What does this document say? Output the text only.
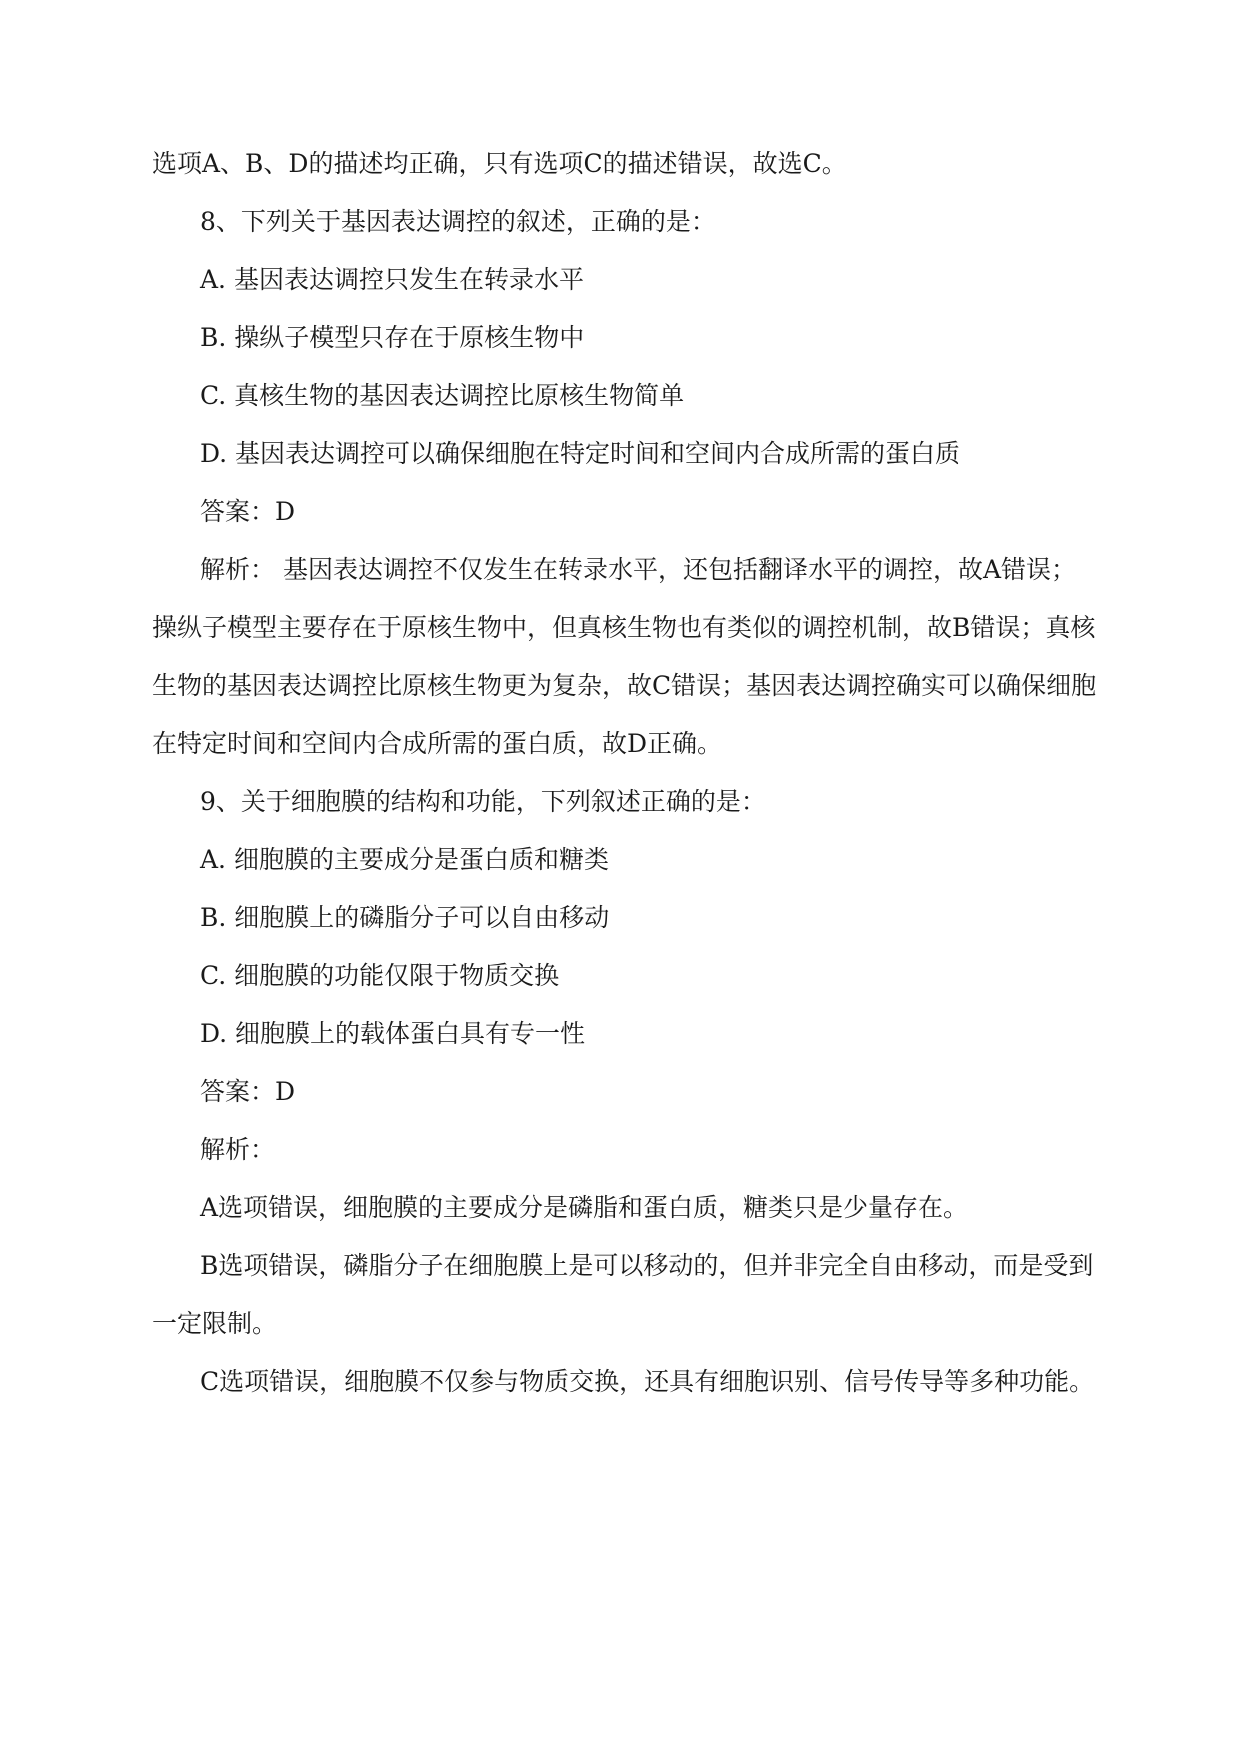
选项A、B、D的描述均正确，只有选项C的描述错误，故选C。
8、下列关于基因表达调控的叙述，正确的是：
A. 基因表达调控只发生在转录水平
B. 操纵子模型只存在于原核生物中
C. 真核生物的基因表达调控比原核生物简单
D. 基因表达调控可以确保细胞在特定时间和空间内合成所需的蛋白质
答案：D
解析： 基因表达调控不仅发生在转录水平，还包括翻译水平的调控，故A错误；
操纵子模型主要存在于原核生物中，但真核生物也有类似的调控机制，故B错误；真核
生物的基因表达调控比原核生物更为复杂，故C错误；基因表达调控确实可以确保细胞
在特定时间和空间内合成所需的蛋白质，故D正确。
9、关于细胞膜的结构和功能，下列叙述正确的是：
A. 细胞膜的主要成分是蛋白质和糖类
B. 细胞膜上的磷脂分子可以自由移动
C. 细胞膜的功能仅限于物质交换
D. 细胞膜上的载体蛋白具有专一性
答案：D
解析：
A选项错误，细胞膜的主要成分是磷脂和蛋白质，糖类只是少量存在。
B选项错误，磷脂分子在细胞膜上是可以移动的，但并非完全自由移动，而是受到
一定限制。
C选项错误，细胞膜不仅参与物质交换，还具有细胞识别、信号传导等多种功能。
